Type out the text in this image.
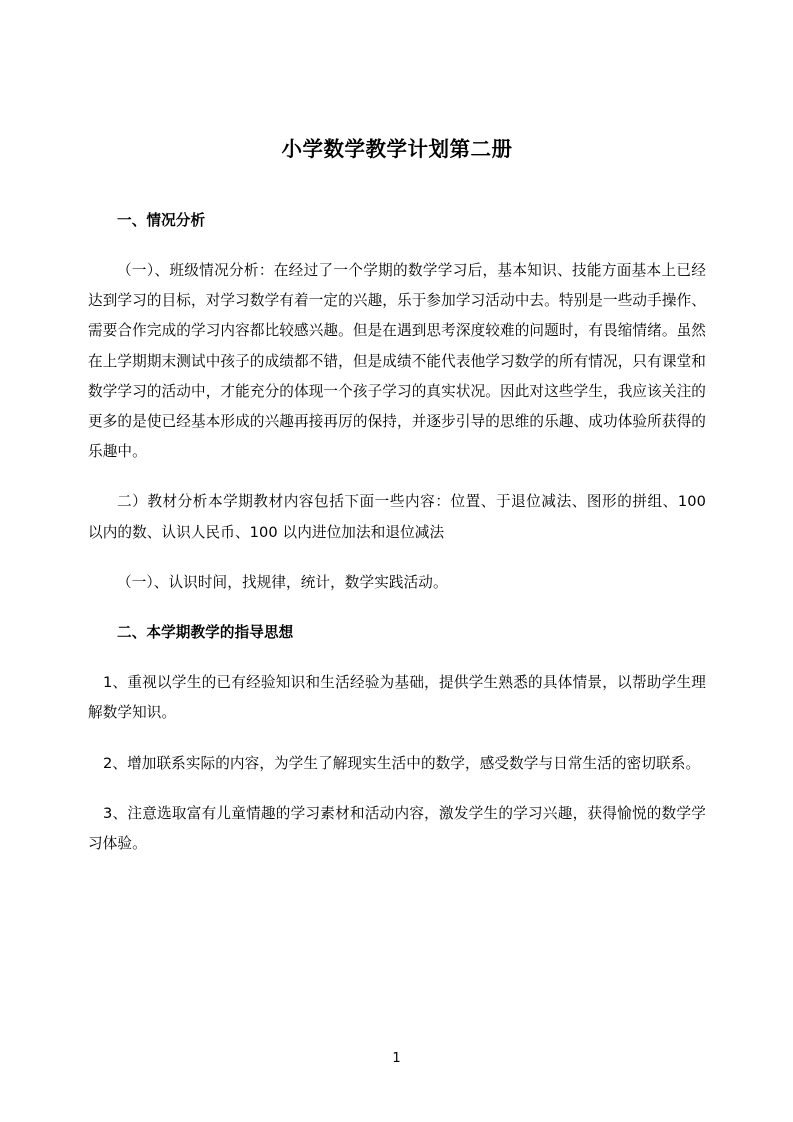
小学数学教学计划第二册

一、情况分析

（一）、班级情况分析：在经过了一个学期的数学学习后，基本知识、技能方面基本上已经达到学习的目标，对学习数学有着一定的兴趣，乐于参加学习活动中去。特别是一些动手操作、需要合作完成的学习内容都比较感兴趣。但是在遇到思考深度较难的问题时，有畏缩情绪。虽然在上学期期末测试中孩子的成绩都不错，但是成绩不能代表他学习数学的所有情况，只有课堂和数学学习的活动中，才能充分的体现一个孩子学习的真实状况。因此对这些学生，我应该关注的更多的是使已经基本形成的兴趣再接再厉的保持，并逐步引导的思维的乐趣、成功体验所获得的乐趣中。

二）教材分析本学期教材内容包括下面一些内容：位置、于退位减法、图形的拼组、100 以内的数、认识人民币、100 以内进位加法和退位减法

（一）、认识时间，找规律，统计，数学实践活动。

二、本学期教学的指导思想

1、重视以学生的已有经验知识和生活经验为基础，提供学生熟悉的具体情景，以帮助学生理解数学知识。

2、增加联系实际的内容，为学生了解现实生活中的数学，感受数学与日常生活的密切联系。

3、注意选取富有儿童情趣的学习素材和活动内容，激发学生的学习兴趣，获得愉悦的数学学习体验。

1
